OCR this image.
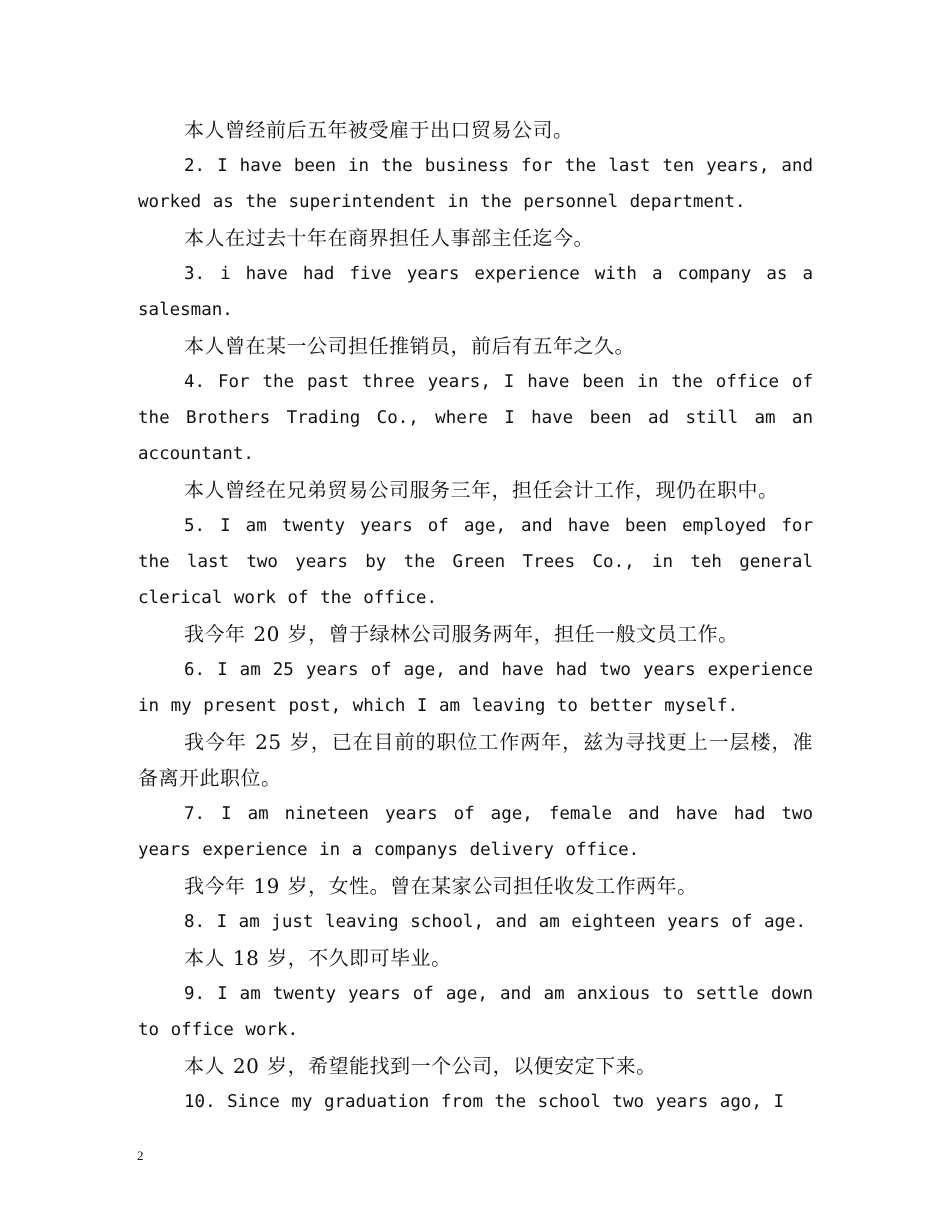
本人曾经前后五年被受雇于出口贸易公司。

2. I have been in the business for the last ten years, and worked as the superintendent in the personnel department.

本人在过去十年在商界担任人事部主任迄今。

3. i have had five years experience with a company as a salesman.

本人曾在某一公司担任推销员，前后有五年之久。

4. For the past three years, I have been in the office of the Brothers Trading Co., where I have been ad still am an accountant.

本人曾经在兄弟贸易公司服务三年，担任会计工作，现仍在职中。

5. I am twenty years of age, and have been employed for the last two years by the Green Trees Co., in teh general clerical work of the office.

我今年 20 岁，曾于绿林公司服务两年，担任一般文员工作。

6. I am 25 years of age, and have had two years experience in my present post, which I am leaving to better myself.

我今年 25 岁，已在目前的职位工作两年，兹为寻找更上一层楼，准备离开此职位。

7. I am nineteen years of age, female and have had two years experience in a companys delivery office.

我今年 19 岁，女性。曾在某家公司担任收发工作两年。

8. I am just leaving school, and am eighteen years of age.

本人 18 岁，不久即可毕业。

9. I am twenty years of age, and am anxious to settle down to office work.

本人 20 岁，希望能找到一个公司，以便安定下来。

10. Since my graduation from the school two years ago, I

2
